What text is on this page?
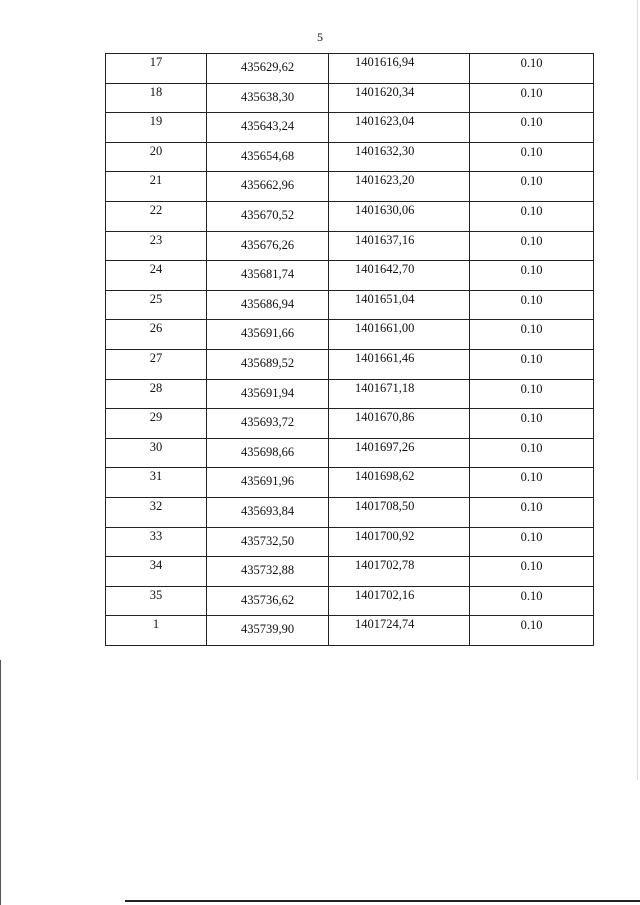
5
17	435629,62	1401616,94	0.10
18	435638,30	1401620,34	0.10
19	435643,24	1401623,04	0.10
20	435654,68	1401632,30	0.10
21	435662,96	1401623,20	0.10
22	435670,52	1401630,06	0.10
23	435676,26	1401637,16	0.10
24	435681,74	1401642,70	0.10
25	435686,94	1401651,04	0.10
26	435691,66	1401661,00	0.10
27	435689,52	1401661,46	0.10
28	435691,94	1401671,18	0.10
29	435693,72	1401670,86	0.10
30	435698,66	1401697,26	0.10
31	435691,96	1401698,62	0.10
32	435693,84	1401708,50	0.10
33	435732,50	1401700,92	0.10
34	435732,88	1401702,78	0.10
35	435736,62	1401702,16	0.10
1	435739,90	1401724,74	0.10
